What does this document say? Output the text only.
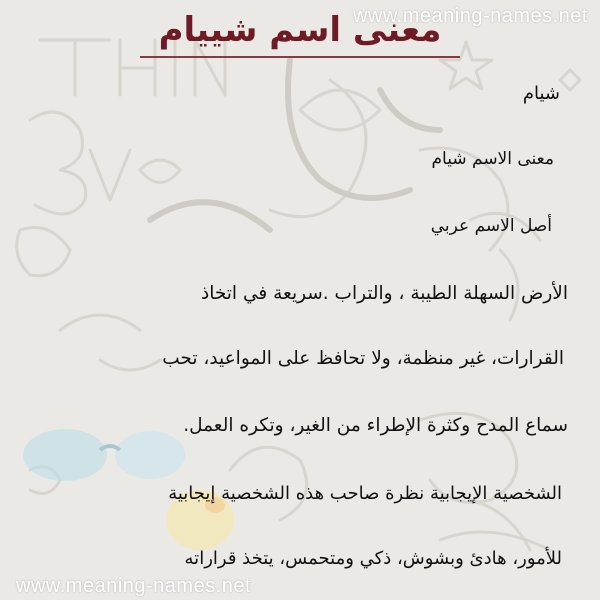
www.meaning-names.net
معنى اسم شييام
شيام
معنى الاسم شيام
أصل الاسم عربي
الأرض السهلة الطيبة ، والتراب .سريعة في اتخاذ
القرارات، غير منظمة، ولا تحافظ على المواعيد، تحب
سماع المدح وكثرة الإطراء من الغير، وتكره العمل.
الشخصية الإيجابية نظرة صاحب هذه الشخصية إيجابية
للأمور، هادئ وبشوش، ذكي ومتحمس، يتخذ قراراته
www.meaning-names.net
